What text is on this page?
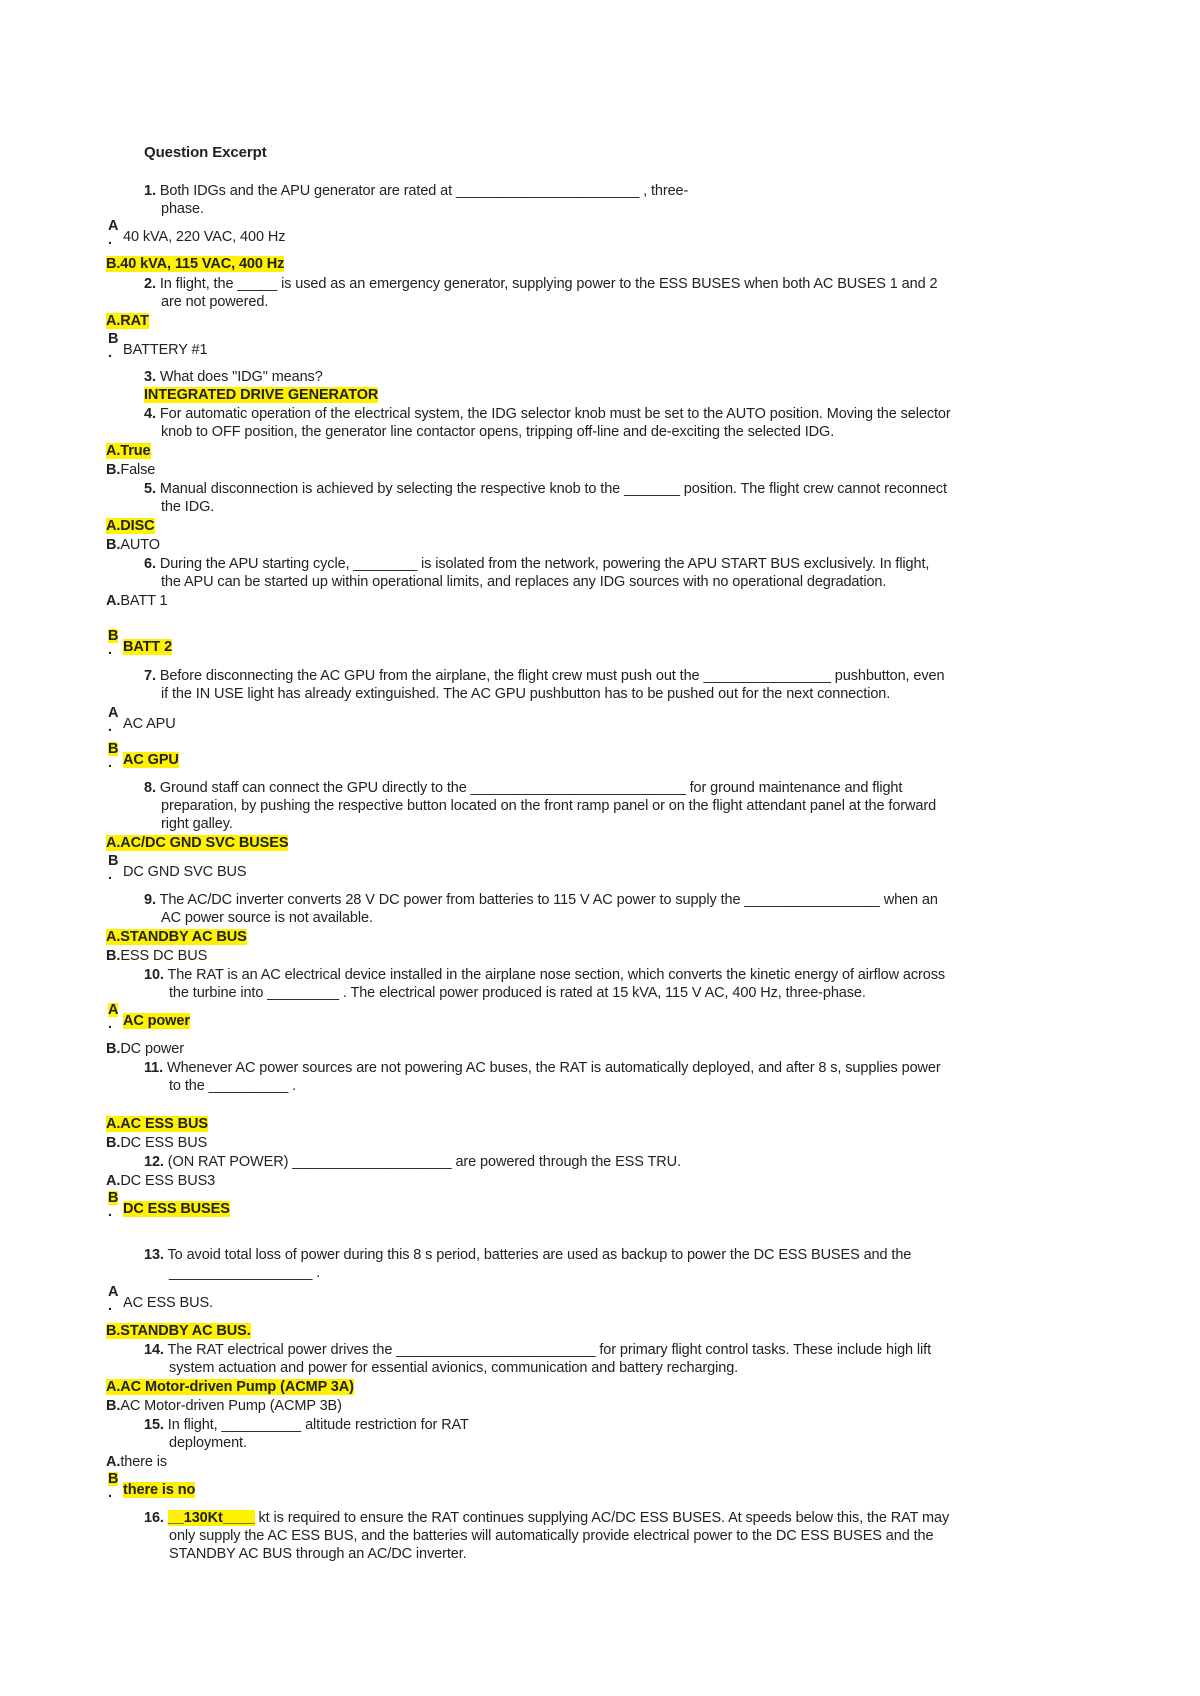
Question Excerpt
1. Both IDGs and the APU generator are rated at _______________________ , three-
phase.
A
. 40 kVA, 220 VAC, 400 Hz
B.40 kVA, 115 VAC, 400 Hz
2. In flight, the _____ is used as an emergency generator, supplying power to the ESS BUSES when both AC BUSES 1 and 2
are not powered.
A.RAT
B
. BATTERY #1
3. What does "IDG" means?
INTEGRATED DRIVE GENERATOR
4. For automatic operation of the electrical system, the IDG selector knob must be set to the AUTO position. Moving the selector
knob to OFF position, the generator line contactor opens, tripping off-line and de-exciting the selected IDG.
A.True
B.False
5. Manual disconnection is achieved by selecting the respective knob to the _______ position. The flight crew cannot reconnect
the IDG.
A.DISC
B.AUTO
6. During the APU starting cycle, ________ is isolated from the network, powering the APU START BUS exclusively. In flight,
the APU can be started up within operational limits, and replaces any IDG sources with no operational degradation.
A.BATT 1
B
. BATT 2
7. Before disconnecting the AC GPU from the airplane, the flight crew must push out the ________________ pushbutton, even
if the IN USE light has already extinguished. The AC GPU pushbutton has to be pushed out for the next connection.
A
. AC APU
B
. AC GPU
8. Ground staff can connect the GPU directly to the ___________________________ for ground maintenance and flight
preparation, by pushing the respective button located on the front ramp panel or on the flight attendant panel at the forward
right galley.
A.AC/DC GND SVC BUSES
B
. DC GND SVC BUS
9. The AC/DC inverter converts 28 V DC power from batteries to 115 V AC power to supply the _________________ when an
AC power source is not available.
A.STANDBY AC BUS
B.ESS DC BUS
10. The RAT is an AC electrical device installed in the airplane nose section, which converts the kinetic energy of airflow across
the turbine into _________ . The electrical power produced is rated at 15 kVA, 115 V AC, 400 Hz, three-phase.
A
. AC power
B.DC power
11. Whenever AC power sources are not powering AC buses, the RAT is automatically deployed, and after 8 s, supplies power
to the __________ .
A.AC ESS BUS
B.DC ESS BUS
12. (ON RAT POWER) ____________________ are powered through the ESS TRU.
A.DC ESS BUS3
B
. DC ESS BUSES
13. To avoid total loss of power during this 8 s period, batteries are used as backup to power the DC ESS BUSES and the
__________________ .
A
. AC ESS BUS.
B.STANDBY AC BUS.
14. The RAT electrical power drives the _________________________ for primary flight control tasks. These include high lift
system actuation and power for essential avionics, communication and battery recharging.
A.AC Motor-driven Pump (ACMP 3A)
B.AC Motor-driven Pump (ACMP 3B)
15. In flight, __________ altitude restriction for RAT
deployment.
A.there is
B
. there is no
16. __130Kt____ kt is required to ensure the RAT continues supplying AC/DC ESS BUSES. At speeds below this, the RAT may
only supply the AC ESS BUS, and the batteries will automatically provide electrical power to the DC ESS BUSES and the
STANDBY AC BUS through an AC/DC inverter.
